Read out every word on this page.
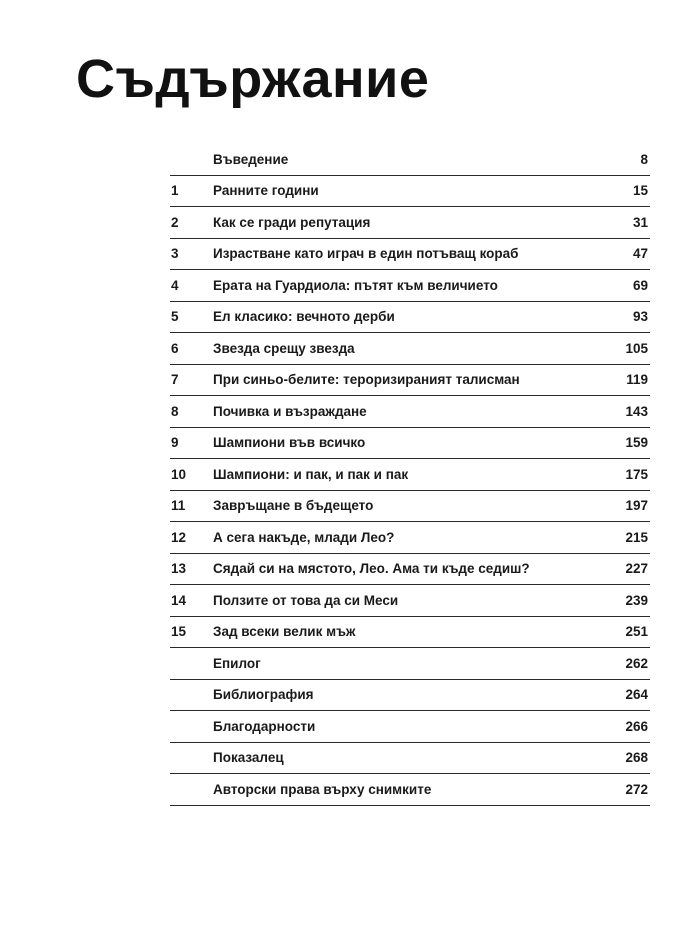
Съдържание
Въведение	8
1	Ранните години	15
2	Как се гради репутация	31
3	Израстване като играч в един потъващ кораб	47
4	Ерата на Гуардиола: пътят към величието	69
5	Ел класико: вечното дерби	93
6	Звезда срещу звезда	105
7	При синьо-белите: тероризираният талисман	119
8	Почивка и възраждане	143
9	Шампиони във всичко	159
10	Шампиони: и пак, и пак и пак	175
11	Завръщане в бъдещето	197
12	А сега накъде, млади Лео?	215
13	Сядай си на мястото, Лео. Ама ти къде седиш?	227
14	Ползите от това да си Меси	239
15	Зад всеки велик мъж	251
Епилог	262
Библиография	264
Благодарности	266
Показалец	268
Авторски права върху снимките	272
